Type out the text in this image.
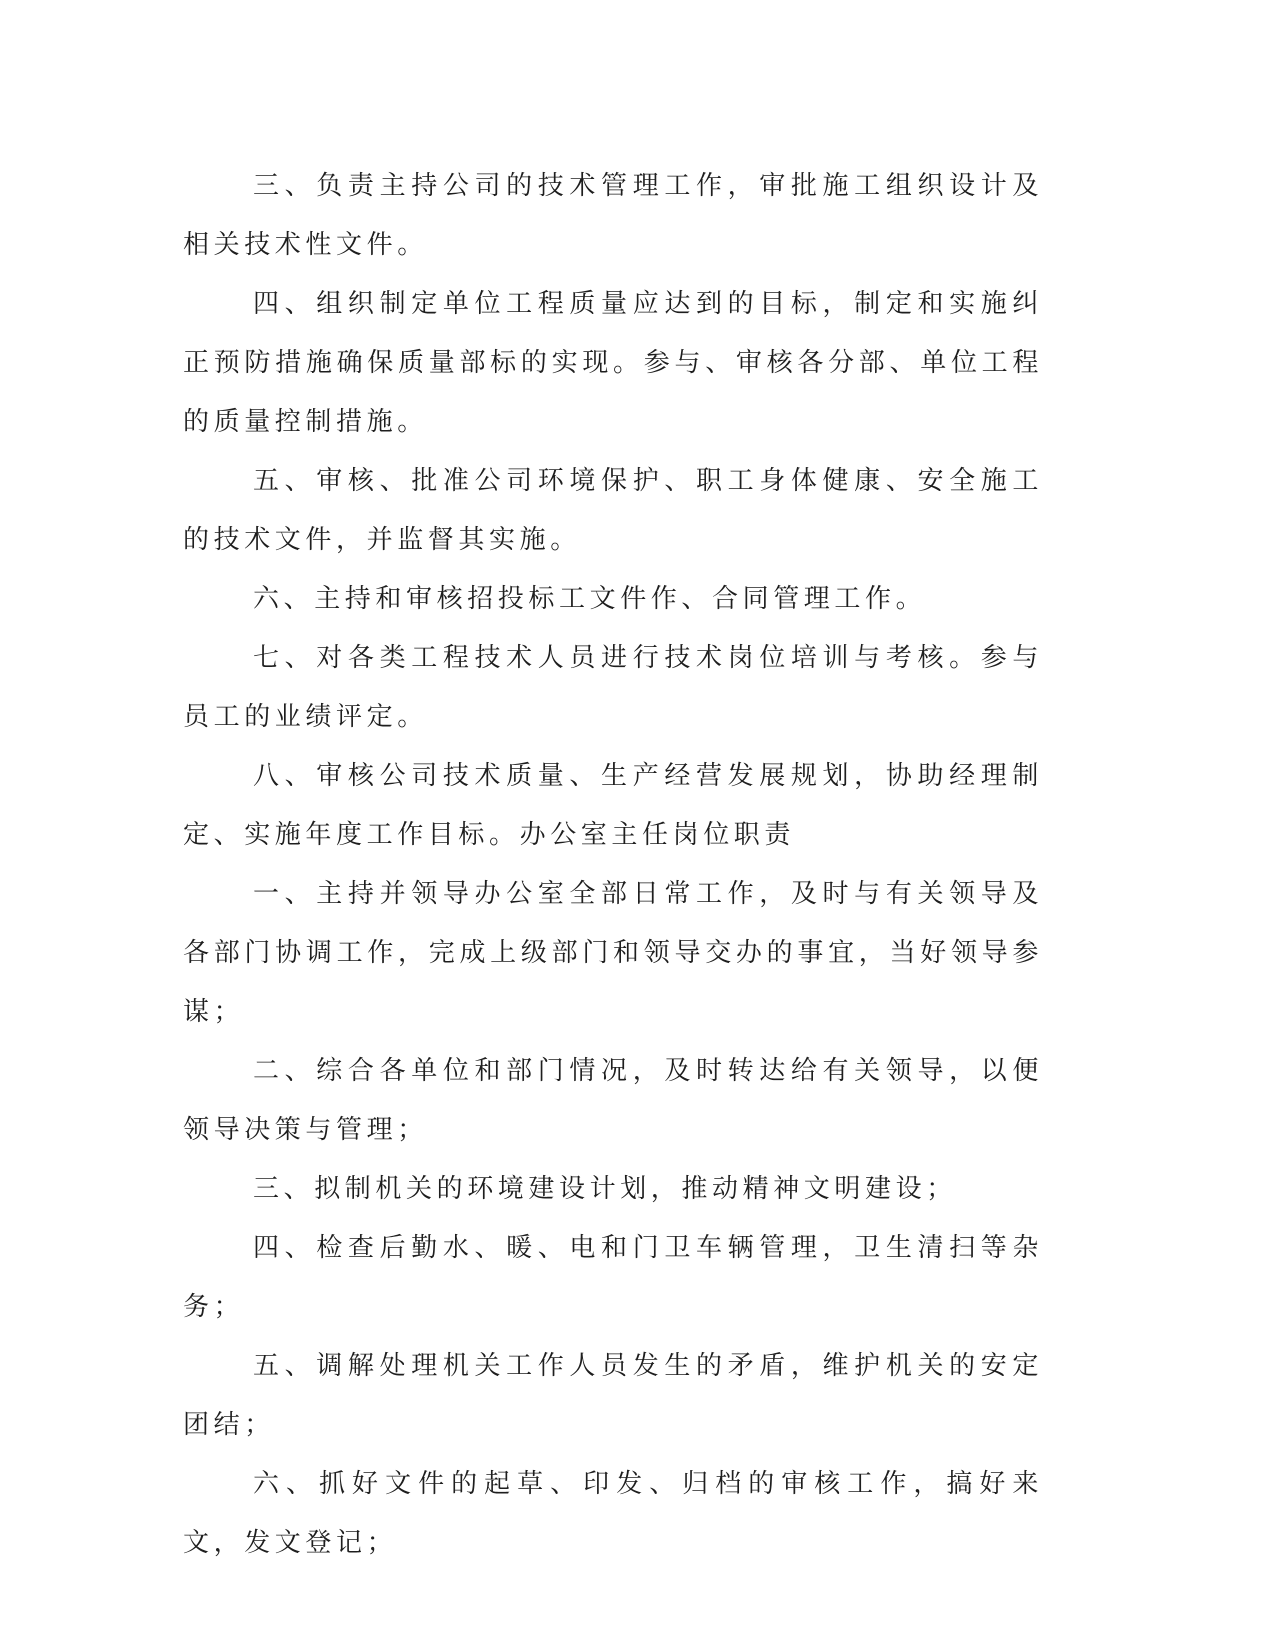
三、负责主持公司的技术管理工作，审批施工组织设计及相关技术性文件。

四、组织制定单位工程质量应达到的目标，制定和实施纠正预防措施确保质量部标的实现。参与、审核各分部、单位工程的质量控制措施。

五、审核、批准公司环境保护、职工身体健康、安全施工的技术文件，并监督其实施。

六、主持和审核招投标工文件作、合同管理工作。

七、对各类工程技术人员进行技术岗位培训与考核。参与员工的业绩评定。

八、审核公司技术质量、生产经营发展规划，协助经理制定、实施年度工作目标。办公室主任岗位职责

一、主持并领导办公室全部日常工作，及时与有关领导及各部门协调工作，完成上级部门和领导交办的事宜，当好领导参谋；

二、综合各单位和部门情况，及时转达给有关领导，以便领导决策与管理；

三、拟制机关的环境建设计划，推动精神文明建设；

四、检查后勤水、暖、电和门卫车辆管理，卫生清扫等杂务；

五、调解处理机关工作人员发生的矛盾，维护机关的安定团结；

六、抓好文件的起草、印发、归档的审核工作，搞好来文，发文登记；
